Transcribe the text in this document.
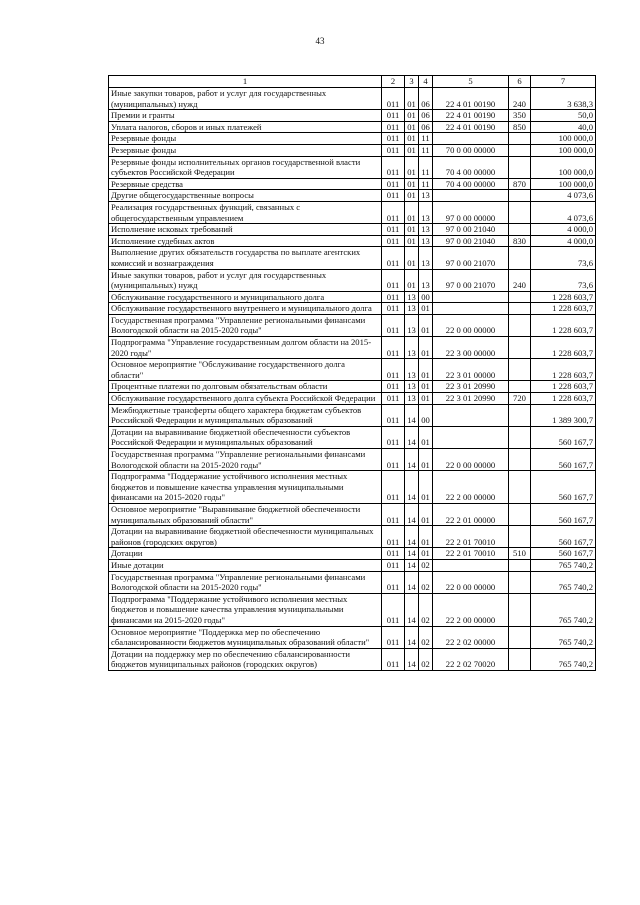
43
1	2	3	4	5	6	7
Иные закупки товаров, работ и услуг для государственных (муниципальных) нужд	011	01	06	22 4 01 00190	240	3 638,3
Премии и гранты	011	01	06	22 4 01 00190	350	50,0
Уплата налогов, сборов и иных платежей	011	01	06	22 4 01 00190	850	40,0
Резервные фонды	011	01	11			100 000,0
Резервные фонды	011	01	11	70 0 00 00000		100 000,0
Резервные фонды исполнительных органов государственной власти субъектов Российской Федерации	011	01	11	70 4 00 00000		100 000,0
Резервные средства	011	01	11	70 4 00 00000	870	100 000,0
Другие общегосударственные вопросы	011	01	13			4 073,6
Реализация государственных функций, связанных с общегосударственным управлением	011	01	13	97 0 00 00000		4 073,6
Исполнение исковых требований	011	01	13	97 0 00 21040		4 000,0
Исполнение судебных актов	011	01	13	97 0 00 21040	830	4 000,0
Выполнение других обязательств государства по выплате агентских комиссий и вознаграждения	011	01	13	97 0 00 21070		73,6
Иные закупки товаров, работ и услуг для государственных (муниципальных) нужд	011	01	13	97 0 00 21070	240	73,6
Обслуживание государственного и муниципального долга	011	13	00			1 228 603,7
Обслуживание государственного внутреннего и муниципального долга	011	13	01			1 228 603,7
Государственная программа "Управление региональными финансами Вологодской области на 2015-2020 годы"	011	13	01	22 0 00 00000		1 228 603,7
Подпрограмма "Управление государственным долгом области на 2015-2020 годы"	011	13	01	22 3 00 00000		1 228 603,7
Основное мероприятие "Обслуживание государственного долга области"	011	13	01	22 3 01 00000		1 228 603,7
Процентные платежи по долговым обязательствам области	011	13	01	22 3 01 20990		1 228 603,7
Обслуживание государственного долга субъекта Российской Федерации	011	13	01	22 3 01 20990	720	1 228 603,7
Межбюджетные трансферты общего характера бюджетам субъектов Российской Федерации и муниципальных образований	011	14	00			1 389 300,7
Дотации на выравнивание бюджетной обеспеченности субъектов Российской Федерации и муниципальных образований	011	14	01			560 167,7
Государственная программа "Управление региональными финансами Вологодской области на 2015-2020 годы"	011	14	01	22 0 00 00000		560 167,7
Подпрограмма "Поддержание устойчивого исполнения местных бюджетов и повышение качества управления муниципальными финансами на 2015-2020 годы"	011	14	01	22 2 00 00000		560 167,7
Основное мероприятие "Выравнивание бюджетной обеспеченности муниципальных образований области"	011	14	01	22 2 01 00000		560 167,7
Дотации на выравнивание бюджетной обеспеченности муниципальных районов (городских округов)	011	14	01	22 2 01 70010		560 167,7
Дотации	011	14	01	22 2 01 70010	510	560 167,7
Иные дотации	011	14	02			765 740,2
Государственная программа "Управление региональными финансами Вологодской области на 2015-2020 годы"	011	14	02	22 0 00 00000		765 740,2
Подпрограмма "Поддержание устойчивого исполнения местных бюджетов и повышение качества управления муниципальными финансами на 2015-2020 годы"	011	14	02	22 2 00 00000		765 740,2
Основное мероприятие "Поддержка мер по обеспечению сбалансированности бюджетов муниципальных образований области"	011	14	02	22 2 02 00000		765 740,2
Дотации на поддержку мер по обеспечению сбалансированности бюджетов муниципальных районов (городских округов)	011	14	02	22 2 02 70020		765 740,2
